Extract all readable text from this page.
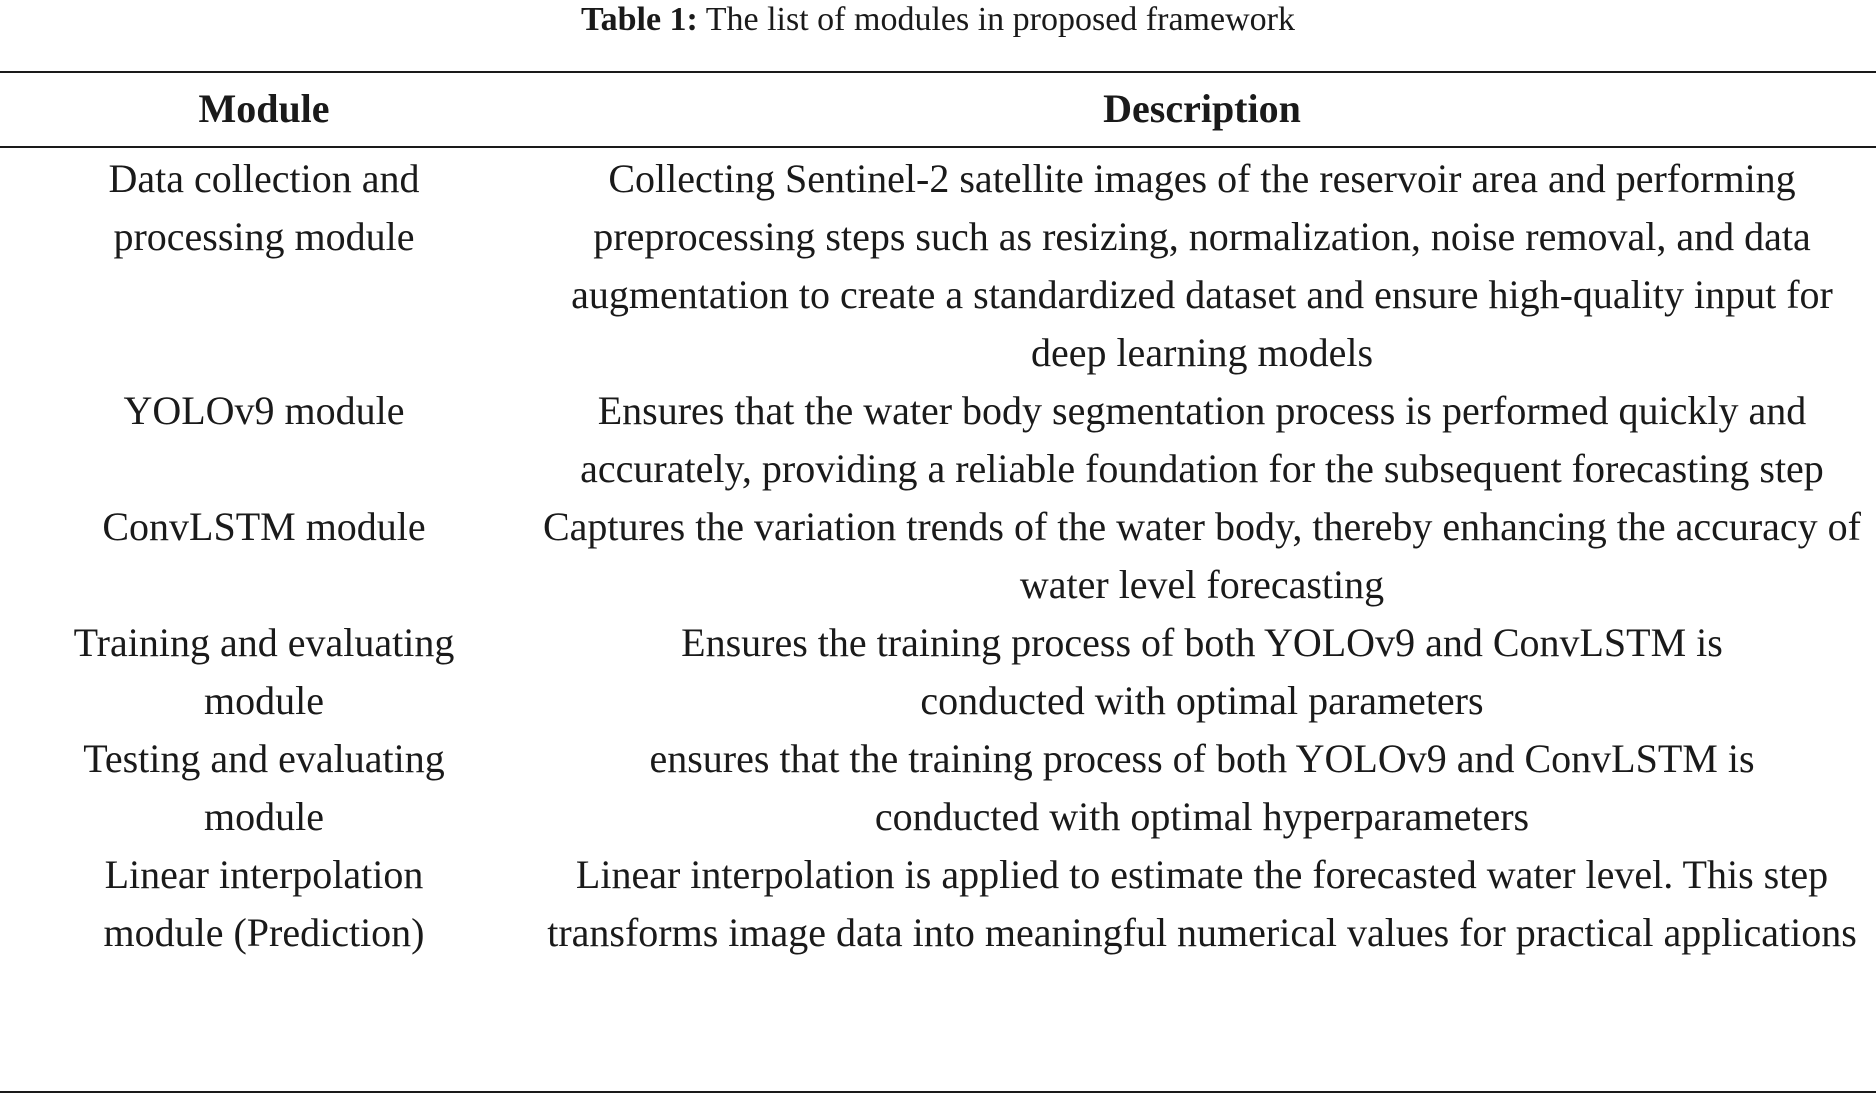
Table 1: The list of modules in proposed framework
Module	Description
Data collection and processing module	Collecting Sentinel-2 satellite images of the reservoir area and performing preprocessing steps such as resizing, normalization, noise removal, and data augmentation to create a standardized dataset and ensure high-quality input for deep learning models
YOLOv9 module	Ensures that the water body segmentation process is performed quickly and accurately, providing a reliable foundation for the subsequent forecasting step
ConvLSTM module	Captures the variation trends of the water body, thereby enhancing the accuracy of water level forecasting
Training and evaluating module	Ensures the training process of both YOLOv9 and ConvLSTM is conducted with optimal parameters
Testing and evaluating module	ensures that the training process of both YOLOv9 and ConvLSTM is conducted with optimal hyperparameters
Linear interpolation module (Prediction)	Linear interpolation is applied to estimate the forecasted water level. This step transforms image data into meaningful numerical values for practical applications
